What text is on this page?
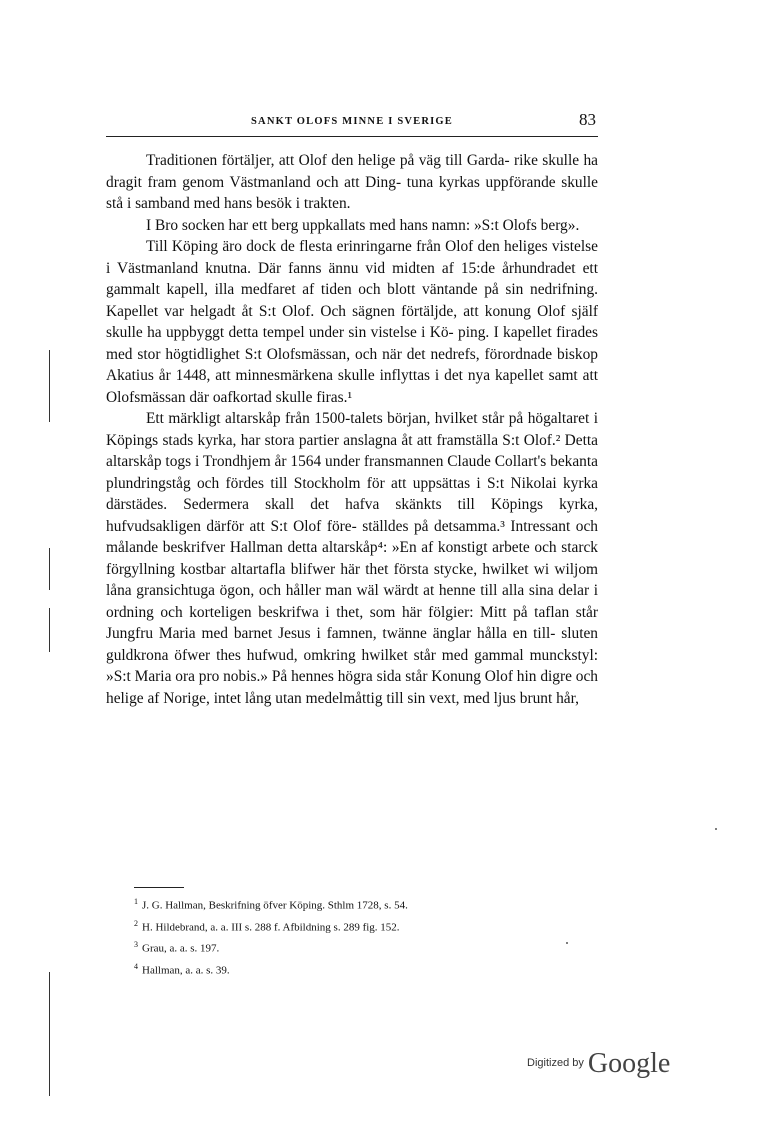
SANKT OLOFS MINNE I SVERIGE	83

Traditionen förtäljer, att Olof den helige på väg till Garda- rike skulle ha dragit fram genom Västmanland och att Ding- tuna kyrkas uppförande skulle stå i samband med hans besök i trakten.

I Bro socken har ett berg uppkallats med hans namn: »S:t Olofs berg».

Till Köping äro dock de flesta erinringarne från Olof den heliges vistelse i Västmanland knutna. Där fanns ännu vid midten af 15:de århundradet ett gammalt kapell, illa medfaret af tiden och blott väntande på sin nedrifning. Kapellet var helgadt åt S:t Olof. Och sägnen förtäljde, att konung Olof själf skulle ha uppbyggt detta tempel under sin vistelse i Kö- ping. I kapellet firades med stor högtidlighet S:t Olofsmässan, och när det nedrefs, förordnade biskop Akatius år 1448, att minnesmärkena skulle inflyttas i det nya kapellet samt att Olofsmässan där oafkortad skulle firas.¹

Ett märkligt altarskåp från 1500-talets början, hvilket står på högaltaret i Köpings stads kyrka, har stora partier anslagna åt att framställa S:t Olof.² Detta altarskåp togs i Trondhjem år 1564 under fransmannen Claude Collart's bekanta plundringståg och fördes till Stockholm för att uppsättas i S:t Nikolai kyrka därstädes. Sedermera skall det hafva skänkts till Köpings kyrka, hufvudsakligen därför att S:t Olof före- ställdes på detsamma.³ Intressant och målande beskrifver Hallman detta altarskåp⁴: »En af konstigt arbete och starck förgyllning kostbar altartafla blifwer här thet första stycke, hwilket wi wiljom låna gransichtuga ögon, och håller man wäl wärdt at henne till alla sina delar i ordning och korteligen beskrifwa i thet, som här fölgier: Mitt på taflan står Jungfru Maria med barnet Jesus i famnen, twänne änglar hålla en till- sluten guldkrona öfwer thes hufwud, omkring hwilket står med gammal munckstyl: »S:t Maria ora pro nobis.» På hennes högra sida står Konung Olof hin digre och helige af Norige, intet lång utan medelmåttig till sin vext, med ljus brunt hår,

$^1$ J. G. Hallman, Beskrifning öfver Köping. Sthlm 1728, s. 54.
$^2$ H. Hildebrand, a. a. III s. 288 f. Afbildning s. 289 fig. 152.
$^3$ Grau, a. a. s. 197.
$^4$ Hallman, a. a. s. 39.
$^{Digitized by}$ Google
